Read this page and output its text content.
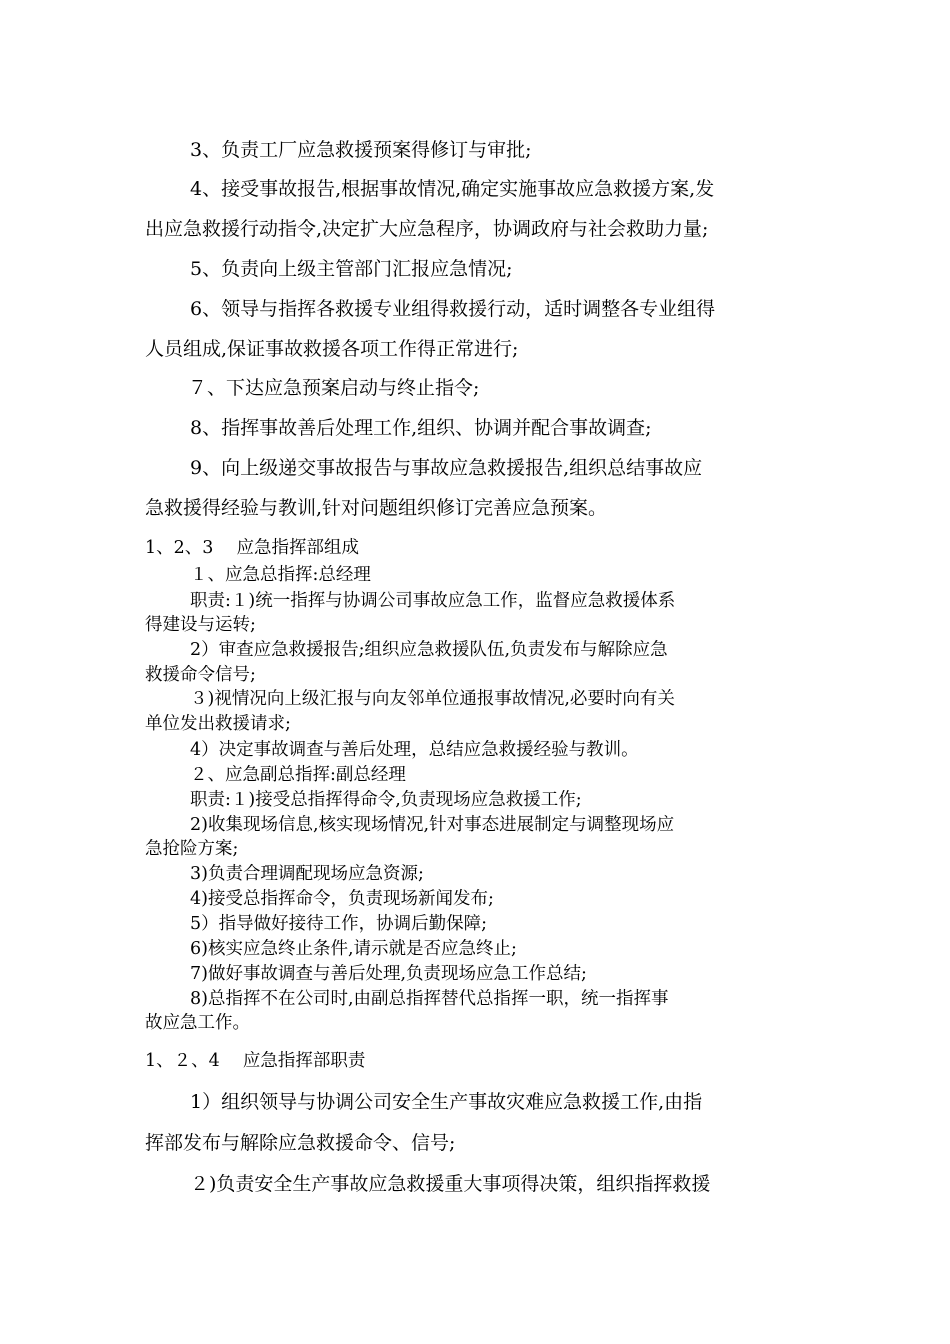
3、负责工厂应急救援预案得修订与审批;
4、接受事故报告,根据事故情况,确定实施事故应急救援方案,发
出应急救援行动指令,决定扩大应急程序，协调政府与社会救助力量;
5、负责向上级主管部门汇报应急情况;
6、领导与指挥各救援专业组得救援行动，适时调整各专业组得
人员组成,保证事故救援各项工作得正常进行;
７、下达应急预案启动与终止指令;
8、指挥事故善后处理工作,组织、协调并配合事故调查;
9、向上级递交事故报告与事故应急救援报告,组织总结事故应
急救援得经验与教训,针对问题组织修订完善应急预案。
1、2、3　 应急指挥部组成
１、应急总指挥:总经理
职责:１)统一指挥与协调公司事故应急工作，监督应急救援体系
得建设与运转;
2）审查应急救援报告;组织应急救援队伍,负责发布与解除应急
救援命令信号;
３)视情况向上级汇报与向友邻单位通报事故情况,必要时向有关
单位发出救援请求;
4）决定事故调查与善后处理，总结应急救援经验与教训。
２、应急副总指挥:副总经理
职责:１)接受总指挥得命令,负责现场应急救援工作;
2)收集现场信息,核实现场情况,针对事态进展制定与调整现场应
急抢险方案;
3)负责合理调配现场应急资源;
4)接受总指挥命令，负责现场新闻发布;
5）指导做好接待工作，协调后勤保障;
6)核实应急终止条件,请示就是否应急终止;
7)做好事故调查与善后处理,负责现场应急工作总结;
8)总指挥不在公司时,由副总指挥替代总指挥一职，统一指挥事
故应急工作。
1、２、4　 应急指挥部职责
1）组织领导与协调公司安全生产事故灾难应急救援工作,由指
挥部发布与解除应急救援命令、信号;
２)负责安全生产事故应急救援重大事项得决策，组织指挥救援
